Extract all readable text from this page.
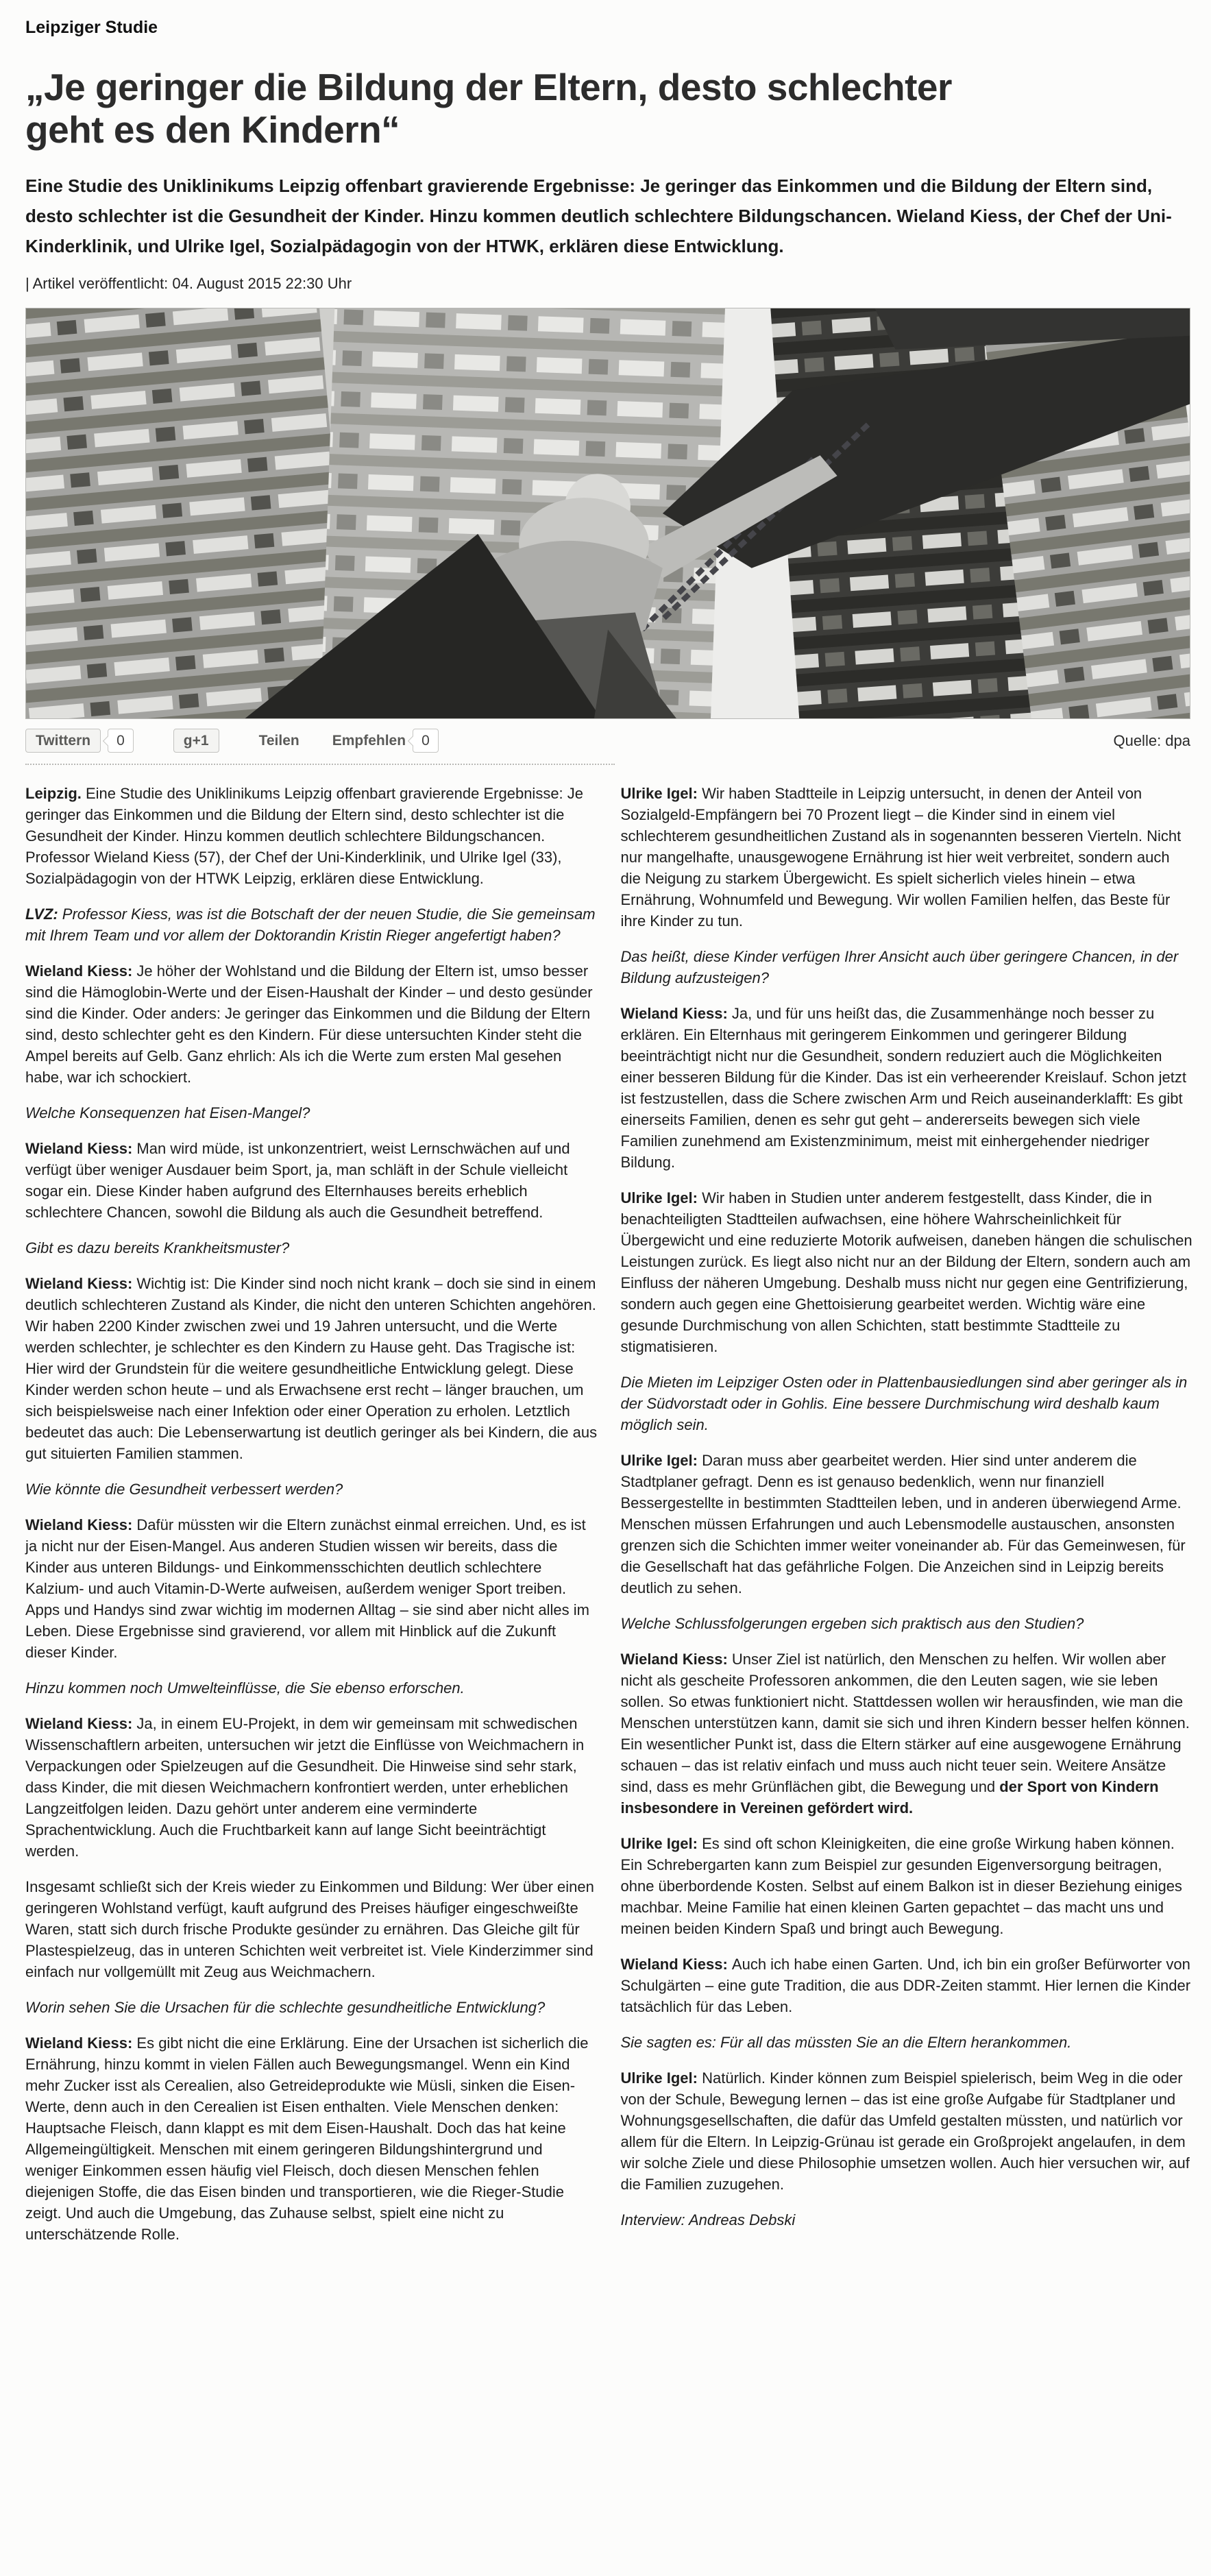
Leipziger Studie
„Je geringer die Bildung der Eltern, desto schlechter geht es den Kindern“

Eine Studie des Uniklinikums Leipzig offenbart gravierende Ergebnisse: Je geringer das Einkommen und die Bildung der Eltern sind, desto schlechter ist die Gesundheit der Kinder. Hinzu kommen deutlich schlechtere Bildungschancen. Wieland Kiess, der Chef der Uni-Kinderklinik, und Ulrike Igel, Sozialpädagogin von der HTWK, erklären diese Entwicklung.

| Artikel veröffentlicht: 04. August 2015 22:30 Uhr
Twittern	0	g+1	Teilen Empfehlen	0	Quelle: dpa

Leipzig. Eine Studie des Uniklinikums Leipzig offenbart gravierende Ergebnisse: Je geringer das Einkommen und die Bildung der Eltern sind, desto schlechter ist die Gesundheit der Kinder. Hinzu kommen deutlich schlechtere Bildungschancen. Professor Wieland Kiess (57), der Chef der Uni-Kinderklinik, und Ulrike Igel (33), Sozialpädagogin von der HTWK Leipzig, erklären diese Entwicklung.

LVZ: Professor Kiess, was ist die Botschaft der der neuen Studie, die Sie gemeinsam mit Ihrem Team und vor allem der Doktorandin Kristin Rieger angefertigt haben?

Wieland Kiess: Je höher der Wohlstand und die Bildung der Eltern ist, umso besser sind die Hämoglobin-Werte und der Eisen-Haushalt der Kinder – und desto gesünder sind die Kinder. Oder anders: Je geringer das Einkommen und die Bildung der Eltern sind, desto schlechter geht es den Kindern. Für diese untersuchten Kinder steht die Ampel bereits auf Gelb. Ganz ehrlich: Als ich die Werte zum ersten Mal gesehen habe, war ich schockiert.

Welche Konsequenzen hat Eisen-Mangel?

Wieland Kiess: Man wird müde, ist unkonzentriert, weist Lernschwächen auf und verfügt über weniger Ausdauer beim Sport, ja, man schläft in der Schule vielleicht sogar ein. Diese Kinder haben aufgrund des Elternhauses bereits erheblich schlechtere Chancen, sowohl die Bildung als auch die Gesundheit betreffend.

Gibt es dazu bereits Krankheitsmuster?

Wieland Kiess: Wichtig ist: Die Kinder sind noch nicht krank – doch sie sind in einem deutlich schlechteren Zustand als Kinder, die nicht den unteren Schichten angehören. Wir haben 2200 Kinder zwischen zwei und 19 Jahren untersucht, und die Werte werden schlechter, je schlechter es den Kindern zu Hause geht. Das Tragische ist: Hier wird der Grundstein für die weitere gesundheitliche Entwicklung gelegt. Diese Kinder werden schon heute – und als Erwachsene erst recht – länger brauchen, um sich beispielsweise nach einer Infektion oder einer Operation zu erholen. Letztlich bedeutet das auch: Die Lebenserwartung ist deutlich geringer als bei Kindern, die aus gut situierten Familien stammen.

Wie könnte die Gesundheit verbessert werden?

Wieland Kiess: Dafür müssten wir die Eltern zunächst einmal erreichen. Und, es ist ja nicht nur der Eisen-Mangel. Aus anderen Studien wissen wir bereits, dass die Kinder aus unteren Bildungs- und Einkommensschichten deutlich schlechtere Kalzium- und auch Vitamin-D-Werte aufweisen, außerdem weniger Sport treiben. Apps und Handys sind zwar wichtig im modernen Alltag – sie sind aber nicht alles im Leben. Diese Ergebnisse sind gravierend, vor allem mit Hinblick auf die Zukunft dieser Kinder.

Hinzu kommen noch Umwelteinflüsse, die Sie ebenso erforschen.

Wieland Kiess: Ja, in einem EU-Projekt, in dem wir gemeinsam mit schwedischen Wissenschaftlern arbeiten, untersuchen wir jetzt die Einflüsse von Weichmachern in Verpackungen oder Spielzeugen auf die Gesundheit. Die Hinweise sind sehr stark, dass Kinder, die mit diesen Weichmachern konfrontiert werden, unter erheblichen Langzeitfolgen leiden. Dazu gehört unter anderem eine verminderte Sprachentwicklung. Auch die Fruchtbarkeit kann auf lange Sicht beeinträchtigt werden.

Insgesamt schließt sich der Kreis wieder zu Einkommen und Bildung: Wer über einen geringeren Wohlstand verfügt, kauft aufgrund des Preises häufiger eingeschweißte Waren, statt sich durch frische Produkte gesünder zu ernähren. Das Gleiche gilt für Plastespielzeug, das in unteren Schichten weit verbreitet ist. Viele Kinderzimmer sind einfach nur vollgemüllt mit Zeug aus Weichmachern.

Worin sehen Sie die Ursachen für die schlechte gesundheitliche Entwicklung?

Wieland Kiess: Es gibt nicht die eine Erklärung. Eine der Ursachen ist sicherlich die Ernährung, hinzu kommt in vielen Fällen auch Bewegungsmangel. Wenn ein Kind mehr Zucker isst als Cerealien, also Getreideprodukte wie Müsli, sinken die Eisen-Werte, denn auch in den Cerealien ist Eisen enthalten. Viele Menschen denken: Hauptsache Fleisch, dann klappt es mit dem Eisen-Haushalt. Doch das hat keine Allgemeingültigkeit. Menschen mit einem geringeren Bildungshintergrund und weniger Einkommen essen häufig viel Fleisch, doch diesen Menschen fehlen diejenigen Stoffe, die das Eisen binden und transportieren, wie die Rieger-Studie zeigt. Und auch die Umgebung, das Zuhause selbst, spielt eine nicht zu unterschätzende Rolle.

Ulrike Igel: Wir haben Stadtteile in Leipzig untersucht, in denen der Anteil von Sozialgeld-Empfängern bei 70 Prozent liegt – die Kinder sind in einem viel schlechterem gesundheitlichen Zustand als in sogenannten besseren Vierteln. Nicht nur mangelhafte, unausgewogene Ernährung ist hier weit verbreitet, sondern auch die Neigung zu starkem Übergewicht. Es spielt sicherlich vieles hinein – etwa Ernährung, Wohnumfeld und Bewegung. Wir wollen Familien helfen, das Beste für ihre Kinder zu tun.

Das heißt, diese Kinder verfügen Ihrer Ansicht auch über geringere Chancen, in der Bildung aufzusteigen?

Wieland Kiess: Ja, und für uns heißt das, die Zusammenhänge noch besser zu erklären. Ein Elternhaus mit geringerem Einkommen und geringerer Bildung beeinträchtigt nicht nur die Gesundheit, sondern reduziert auch die Möglichkeiten einer besseren Bildung für die Kinder. Das ist ein verheerender Kreislauf. Schon jetzt ist festzustellen, dass die Schere zwischen Arm und Reich auseinanderklafft: Es gibt einerseits Familien, denen es sehr gut geht – andererseits bewegen sich viele Familien zunehmend am Existenzminimum, meist mit einhergehender niedriger Bildung.

Ulrike Igel: Wir haben in Studien unter anderem festgestellt, dass Kinder, die in benachteiligten Stadtteilen aufwachsen, eine höhere Wahrscheinlichkeit für Übergewicht und eine reduzierte Motorik aufweisen, daneben hängen die schulischen Leistungen zurück. Es liegt also nicht nur an der Bildung der Eltern, sondern auch am Einfluss der näheren Umgebung. Deshalb muss nicht nur gegen eine Gentrifizierung, sondern auch gegen eine Ghettoisierung gearbeitet werden. Wichtig wäre eine gesunde Durchmischung von allen Schichten, statt bestimmte Stadtteile zu stigmatisieren.

Die Mieten im Leipziger Osten oder in Plattenbausiedlungen sind aber geringer als in der Südvorstadt oder in Gohlis. Eine bessere Durchmischung wird deshalb kaum möglich sein.

Ulrike Igel: Daran muss aber gearbeitet werden. Hier sind unter anderem die Stadtplaner gefragt. Denn es ist genauso bedenklich, wenn nur finanziell Bessergestellte in bestimmten Stadtteilen leben, und in anderen überwiegend Arme. Menschen müssen Erfahrungen und auch Lebensmodelle austauschen, ansonsten grenzen sich die Schichten immer weiter voneinander ab. Für das Gemeinwesen, für die Gesellschaft hat das gefährliche Folgen. Die Anzeichen sind in Leipzig bereits deutlich zu sehen.

Welche Schlussfolgerungen ergeben sich praktisch aus den Studien?

Wieland Kiess: Unser Ziel ist natürlich, den Menschen zu helfen. Wir wollen aber nicht als gescheite Professoren ankommen, die den Leuten sagen, wie sie leben sollen. So etwas funktioniert nicht. Stattdessen wollen wir herausfinden, wie man die Menschen unterstützen kann, damit sie sich und ihren Kindern besser helfen können. Ein wesentlicher Punkt ist, dass die Eltern stärker auf eine ausgewogene Ernährung schauen – das ist relativ einfach und muss auch nicht teuer sein. Weitere Ansätze sind, dass es mehr Grünflächen gibt, die Bewegung und der Sport von Kindern insbesondere in Vereinen gefördert wird.

Ulrike Igel: Es sind oft schon Kleinigkeiten, die eine große Wirkung haben können. Ein Schrebergarten kann zum Beispiel zur gesunden Eigenversorgung beitragen, ohne überbordende Kosten. Selbst auf einem Balkon ist in dieser Beziehung einiges machbar. Meine Familie hat einen kleinen Garten gepachtet – das macht uns und meinen beiden Kindern Spaß und bringt auch Bewegung.

Wieland Kiess: Auch ich habe einen Garten. Und, ich bin ein großer Befürworter von Schulgärten – eine gute Tradition, die aus DDR-Zeiten stammt. Hier lernen die Kinder tatsächlich für das Leben.

Sie sagten es: Für all das müssten Sie an die Eltern herankommen.

Ulrike Igel: Natürlich. Kinder können zum Beispiel spielerisch, beim Weg in die oder von der Schule, Bewegung lernen – das ist eine große Aufgabe für Stadtplaner und Wohnungsgesellschaften, die dafür das Umfeld gestalten müssten, und natürlich vor allem für die Eltern. In Leipzig-Grünau ist gerade ein Großprojekt angelaufen, in dem wir solche Ziele und diese Philosophie umsetzen wollen. Auch hier versuchen wir, auf die Familien zuzugehen.

Interview: Andreas Debski
